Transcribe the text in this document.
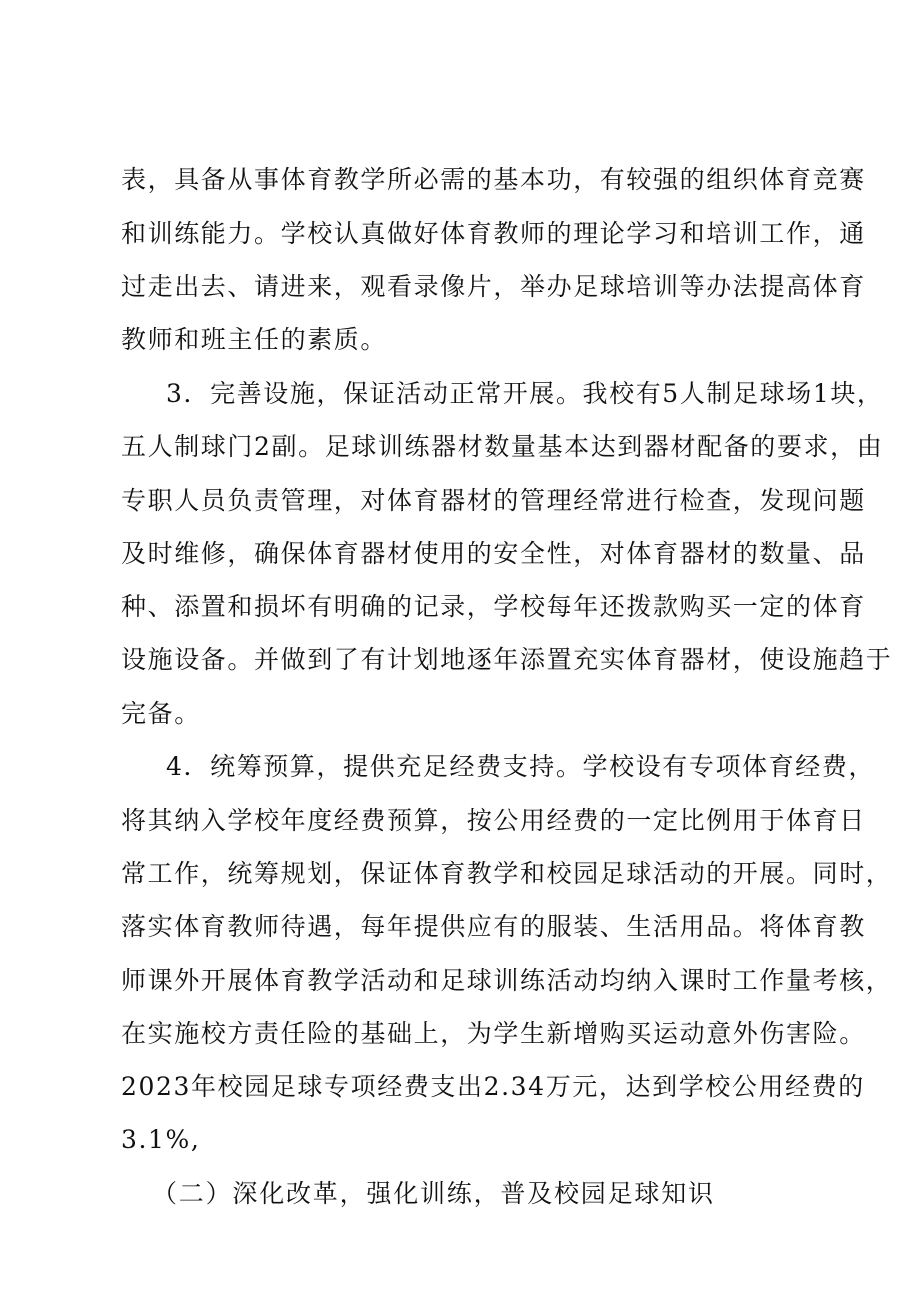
表，具备从事体育教学所必需的基本功，有较强的组织体育竞赛
和训练能力。学校认真做好体育教师的理论学习和培训工作，通
过走出去、请进来，观看录像片，举办足球培训等办法提高体育
教师和班主任的素质。
3．完善设施，保证活动正常开展。我校有5人制足球场1块，
五人制球门2副。足球训练器材数量基本达到器材配备的要求，由
专职人员负责管理，对体育器材的管理经常进行检查，发现问题
及时维修，确保体育器材使用的安全性，对体育器材的数量、品
种、添置和损坏有明确的记录，学校每年还拨款购买一定的体育
设施设备。并做到了有计划地逐年添置充实体育器材，使设施趋于
完备。
4．统筹预算，提供充足经费支持。学校设有专项体育经费，
将其纳入学校年度经费预算，按公用经费的一定比例用于体育日
常工作，统筹规划，保证体育教学和校园足球活动的开展。同时，
落实体育教师待遇，每年提供应有的服装、生活用品。将体育教
师课外开展体育教学活动和足球训练活动均纳入课时工作量考核，
在实施校方责任险的基础上，为学生新增购买运动意外伤害险。
2023年校园足球专项经费支出2.34万元，达到学校公用经费的
3.1%,
（二）深化改革，强化训练，普及校园足球知识
